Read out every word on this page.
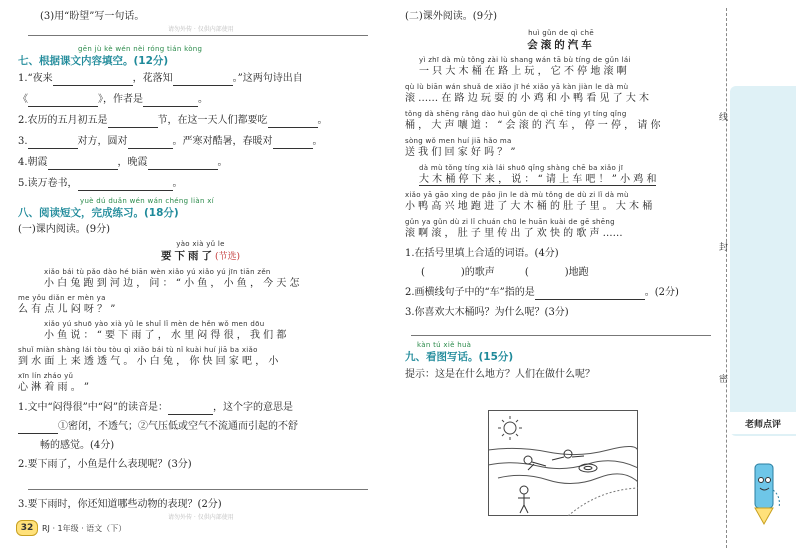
(3)用“盼望”写一句话。
请勿外传 · 仅供内部使用
gēn jù kè wén nèi róng tián kòng
七、根据课文内容填空。(12分)
1.“夜来	，花落知	。”这两句诗出自
《	》，作者是	。
2.农历的五月初五是	节，在这一天人们都要吃	。
3.	对方，圆对	。严寒对酷暑，春暖对	。
4.朝霞	，晚霞	。
5.读万卷书，	。
yuè dú duǎn wén wán chéng liàn xí
八、阅读短文，完成练习。(18分)
(一)课内阅读。(9分)
yào xià yǔ le
要下雨了(节选)
xiǎo bái tù pǎo dào hé biān wèn xiǎo yú xiǎo yú jīn tiān zěn
小 白 兔 跑 到 河 边 ， 问 ： “ 小 鱼 ， 小 鱼 ， 今 天 怎
me yǒu diǎn er mèn ya
么 有 点 儿 闷 呀 ？ ”
xiǎo yú shuō yào xià yǔ le shuǐ lǐ mèn de hěn wǒ men dōu
小 鱼 说 ： “ 要 下 雨 了 ， 水 里 闷 得 很 ， 我 们 都
shuǐ miàn shàng lái tòu tòu qì xiǎo bái tù nǐ kuài huí jiā ba xiǎo
到 水 面 上 来 透 透 气 。 小 白 兔 ， 你 快 回 家 吧 ， 小
xīn lín zháo yǔ
心 淋 着 雨 。 ”
1.文中“闷得很”中“闷”的读音是：	，这个字的意思是
①密闭，不透气；②气压低或空气不流通而引起的不舒
畅的感觉。(4分)
2.要下雨了，小鱼是什么表现呢？(3分)
3.要下雨时，你还知道哪些动物的表现？(2分)
请勿外传 · 仅供内部使用
32	RJ · 1年级 · 语文（下）
(二)课外阅读。(9分)
huì gǔn de qì chē
会滚的汽车
yì zhī dà mù tǒng zài lù shang wán tā bù tíng de gǔn lái
一 只 大 木 桶 在 路 上 玩 ， 它 不 停 地 滚 啊
qù lù biān wán shuǎ de xiǎo jī hé xiǎo yā kàn jiàn le dà mù
滚 …… 在 路 边 玩 耍 的 小 鸡 和 小 鸭 看 见 了 大 木
tǒng dà shēng rǎng dào huì gǔn de qì chē tíng yī tíng qǐng
桶 ， 大 声 嚷 道 ： “ 会 滚 的 汽 车 ， 停 一 停 ， 请 你
sòng wǒ men huí jiā hǎo ma
送 我 们 回 家 好 吗 ？ ”
dà mù tǒng tíng xià lái shuō qǐng shàng chē ba xiǎo jī
大 木 桶 停 下 来 ， 说 ： “ 请 上 车 吧 ！ ” 小 鸡 和
xiǎo yā gāo xìng de pǎo jìn le dà mù tǒng de dù zi lǐ dà mù
小 鸭 高 兴 地 跑 进 了 大 木 桶 的 肚 子 里 。 大 木 桶
gǔn ya gǔn dù zi lǐ chuán chū le huān kuài de gē shēng
滚 啊 滚 ， 肚 子 里 传 出 了 欢 快 的 歌 声 ……
1.在括号里填上合适的词语。(4分)
(	)的歌声	(	)地跑
2.画横线句子中的“车”指的是	。(2分)
3.你喜欢大木桶吗？为什么呢？(3分)
kàn tú xiě huà
九、看图写话。(15分)
提示：这是在什么地方？人们在做什么呢？
线
封
密
老师点评
